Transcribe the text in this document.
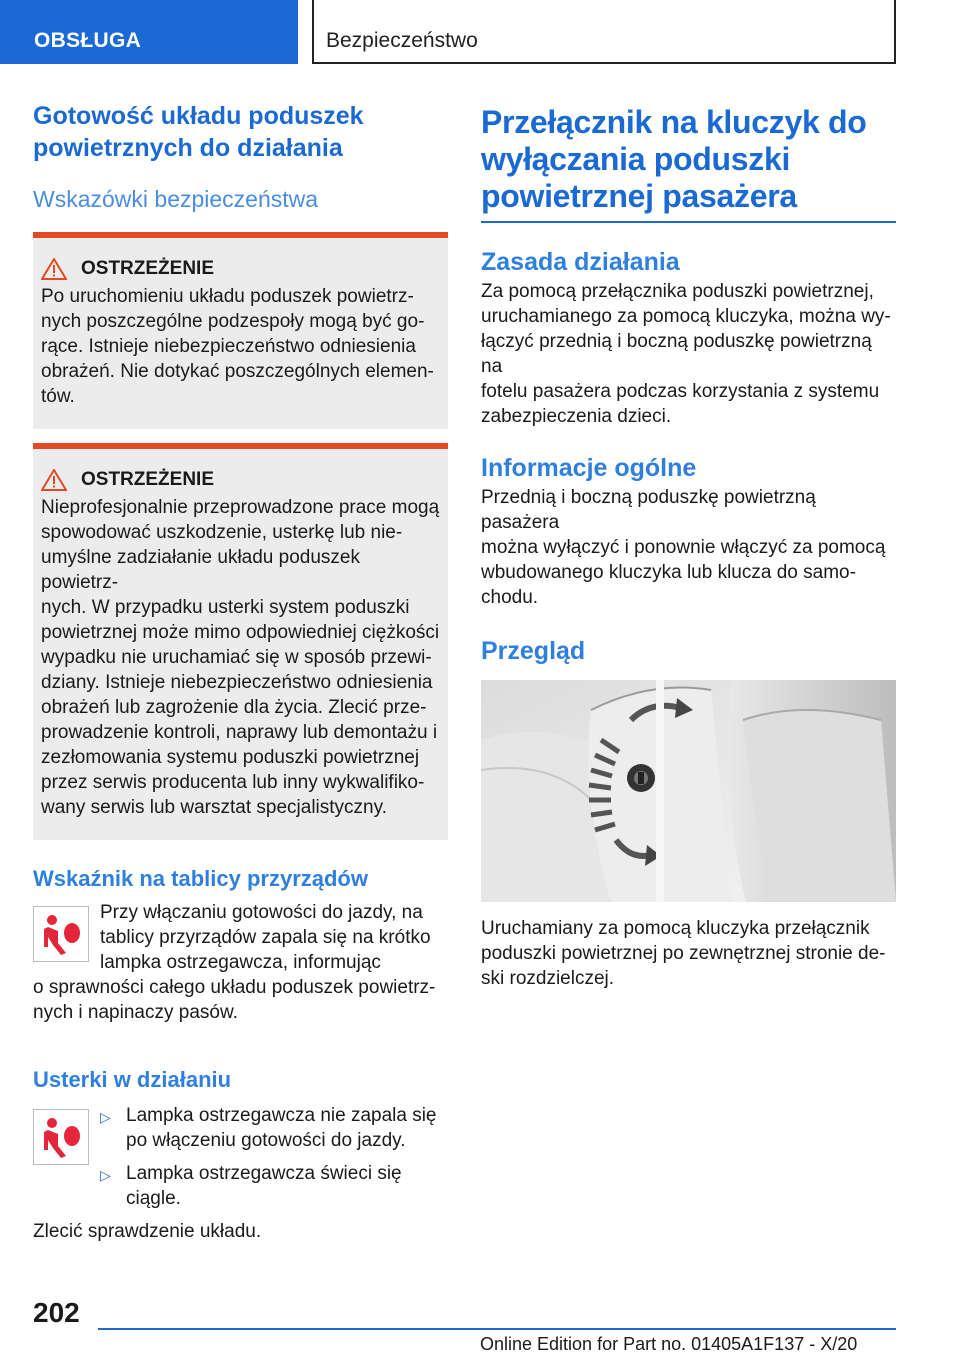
OBSŁUGA	Bezpieczeństwo
Gotowość układu poduszek powietrznych do działania
Wskazówki bezpieczeństwa
OSTRZEŻENIE

Po uruchomieniu układu poduszek powietrz-

nych poszczególne podzespoły mogą być go-

rące. Istnieje niebezpieczeństwo odniesienia

obrażeń. Nie dotykać poszczególnych elemen-

tów.

OSTRZEŻENIE

Nieprofesjonalnie przeprowadzone prace mogą

spowodować uszkodzenie, usterkę lub nie-

umyślne zadziałanie układu poduszek powietrz-

nych. W przypadku usterki system poduszki

powietrznej może mimo odpowiedniej ciężkości

wypadku nie uruchamiać się w sposób przewi-

dziany. Istnieje niebezpieczeństwo odniesienia

obrażeń lub zagrożenie dla życia. Zlecić prze-

prowadzenie kontroli, naprawy lub demontażu i

zezłomowania systemu poduszki powietrznej

przez serwis producenta lub inny wykwalifiko-

wany serwis lub warsztat specjalistyczny.

Wskaźnik na tablicy przyrządów

Przy włączaniu gotowości do jazdy, na

tablicy przyrządów zapala się na krótko

lampka ostrzegawcza, informując

o sprawności całego układu poduszek powietrz-

nych i napinaczy pasów.

Usterki w działaniu
▷ Lampka ostrzegawcza nie zapala się
po włączeniu gotowości do jazdy.
▷ Lampka ostrzegawcza świeci się
ciągle.

Zlecić sprawdzenie układu.

Przełącznik na kluczyk do
wyłączania poduszki
powietrznej pasażera
Zasada działania

Za pomocą przełącznika poduszki powietrznej,

uruchamianego za pomocą kluczyka, można wy-

łączyć przednią i boczną poduszkę powietrzną na

fotelu pasażera podczas korzystania z systemu

zabezpieczenia dzieci.

Informacje ogólne

Przednią i boczną poduszkę powietrzną pasażera

można wyłączyć i ponownie włączyć za pomocą

wbudowanego kluczyka lub klucza do samo-

chodu.

Przegląd

Uruchamiany za pomocą kluczyka przełącznik

poduszki powietrznej po zewnętrznej stronie de-

ski rozdzielczej.

202
Online Edition for Part no. 01405A1F137 - X/20
